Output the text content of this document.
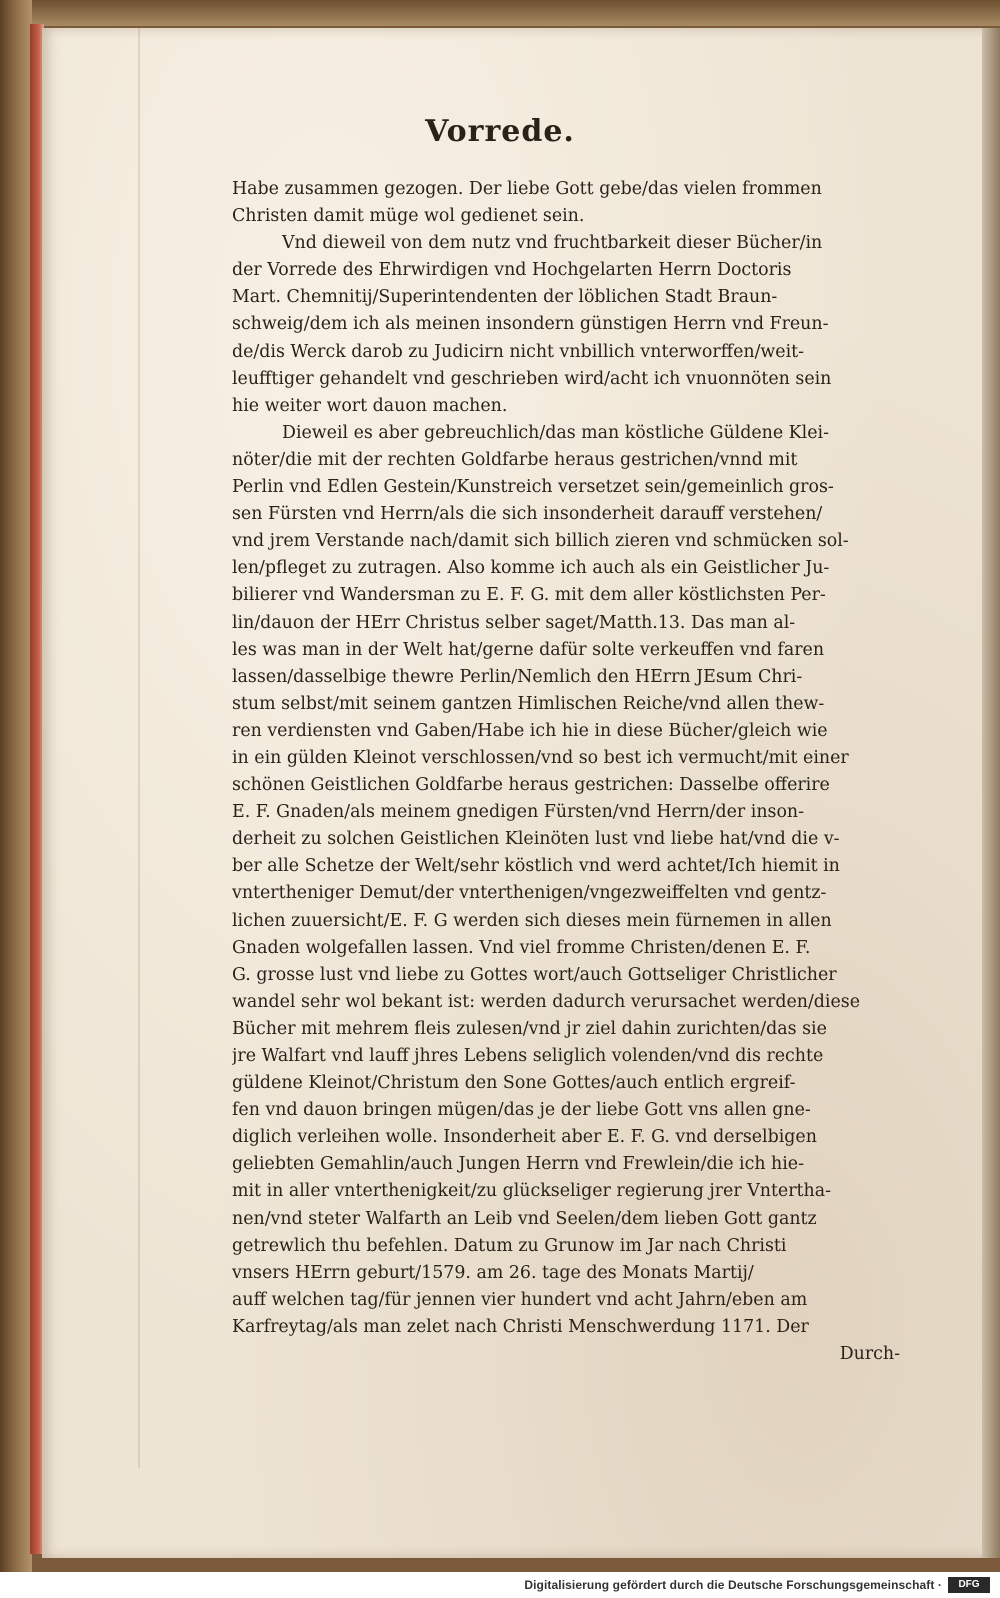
Vorrede.
Habe zusammen gezogen. Der liebe Gott gebe/das vielen frommen
Christen damit müge wol gedienet sein.
Vnd dieweil von dem nutz vnd fruchtbarkeit dieser Bücher/in
der Vorrede des Ehrwirdigen vnd Hochgelarten Herrn Doctoris
Mart. Chemnitij/Superintendenten der löblichen Stadt Braun-
schweig/dem ich als meinen insondern günstigen Herrn vnd Freun-
de/dis Werck darob zu Judicirn nicht vnbillich vnterworffen/weit-
leufftiger gehandelt vnd geschrieben wird/acht ich vnuonnöten sein
hie weiter wort dauon machen.
Dieweil es aber gebreuchlich/das man köstliche Güldene Klei-
nöter/die mit der rechten Goldfarbe heraus gestrichen/vnnd mit
Perlin vnd Edlen Gestein/Kunstreich versetzet sein/gemeinlich gros-
sen Fürsten vnd Herrn/als die sich insonderheit darauff verstehen/
vnd jrem Verstande nach/damit sich billich zieren vnd schmücken sol-
len/pfleget zu zutragen. Also komme ich auch als ein Geistlicher Ju-
bilierer vnd Wandersman zu E. F. G. mit dem aller köstlichsten Per-
lin/dauon der HErr Christus selber saget/Matth.13. Das man al-
les was man in der Welt hat/gerne dafür solte verkeuffen vnd faren
lassen/dasselbige thewre Perlin/Nemlich den HErrn JEsum Chri-
stum selbst/mit seinem gantzen Himlischen Reiche/vnd allen thew-
ren verdiensten vnd Gaben/Habe ich hie in diese Bücher/gleich wie
in ein gülden Kleinot verschlossen/vnd so best ich vermucht/mit einer
schönen Geistlichen Goldfarbe heraus gestrichen: Dasselbe offerire
E. F. Gnaden/als meinem gnedigen Fürsten/vnd Herrn/der inson-
derheit zu solchen Geistlichen Kleinöten lust vnd liebe hat/vnd die v-
ber alle Schetze der Welt/sehr köstlich vnd werd achtet/Ich hiemit in
vntertheniger Demut/der vnterthenigen/vngezweiffelten vnd gentz-
lichen zuuersicht/E. F. G werden sich dieses mein fürnemen in allen
Gnaden wolgefallen lassen. Vnd viel fromme Christen/denen E. F.
G. grosse lust vnd liebe zu Gottes wort/auch Gottseliger Christlicher
wandel sehr wol bekant ist: werden dadurch verursachet werden/diese
Bücher mit mehrem fleis zulesen/vnd jr ziel dahin zurichten/das sie
jre Walfart vnd lauff jhres Lebens seliglich volenden/vnd dis rechte
güldene Kleinot/Christum den Sone Gottes/auch entlich ergreif-
fen vnd dauon bringen mügen/das je der liebe Gott vns allen gne-
diglich verleihen wolle. Insonderheit aber E. F. G. vnd derselbigen
geliebten Gemahlin/auch Jungen Herrn vnd Frewlein/die ich hie-
mit in aller vnterthenigkeit/zu glückseliger regierung jrer Vntertha-
nen/vnd steter Walfarth an Leib vnd Seelen/dem lieben Gott gantz
getrewlich thu befehlen. Datum zu Grunow im Jar nach Christi
vnsers HErrn geburt/1579. am 26. tage des Monats Martij/
auff welchen tag/für jennen vier hundert vnd acht Jahrn/eben am
Karfreytag/als man zelet nach Christi Menschwerdung 1171. Der
Durch-
Digitalisierung gefördert durch die Deutsche Forschungsgemeinschaft ·	DFG
